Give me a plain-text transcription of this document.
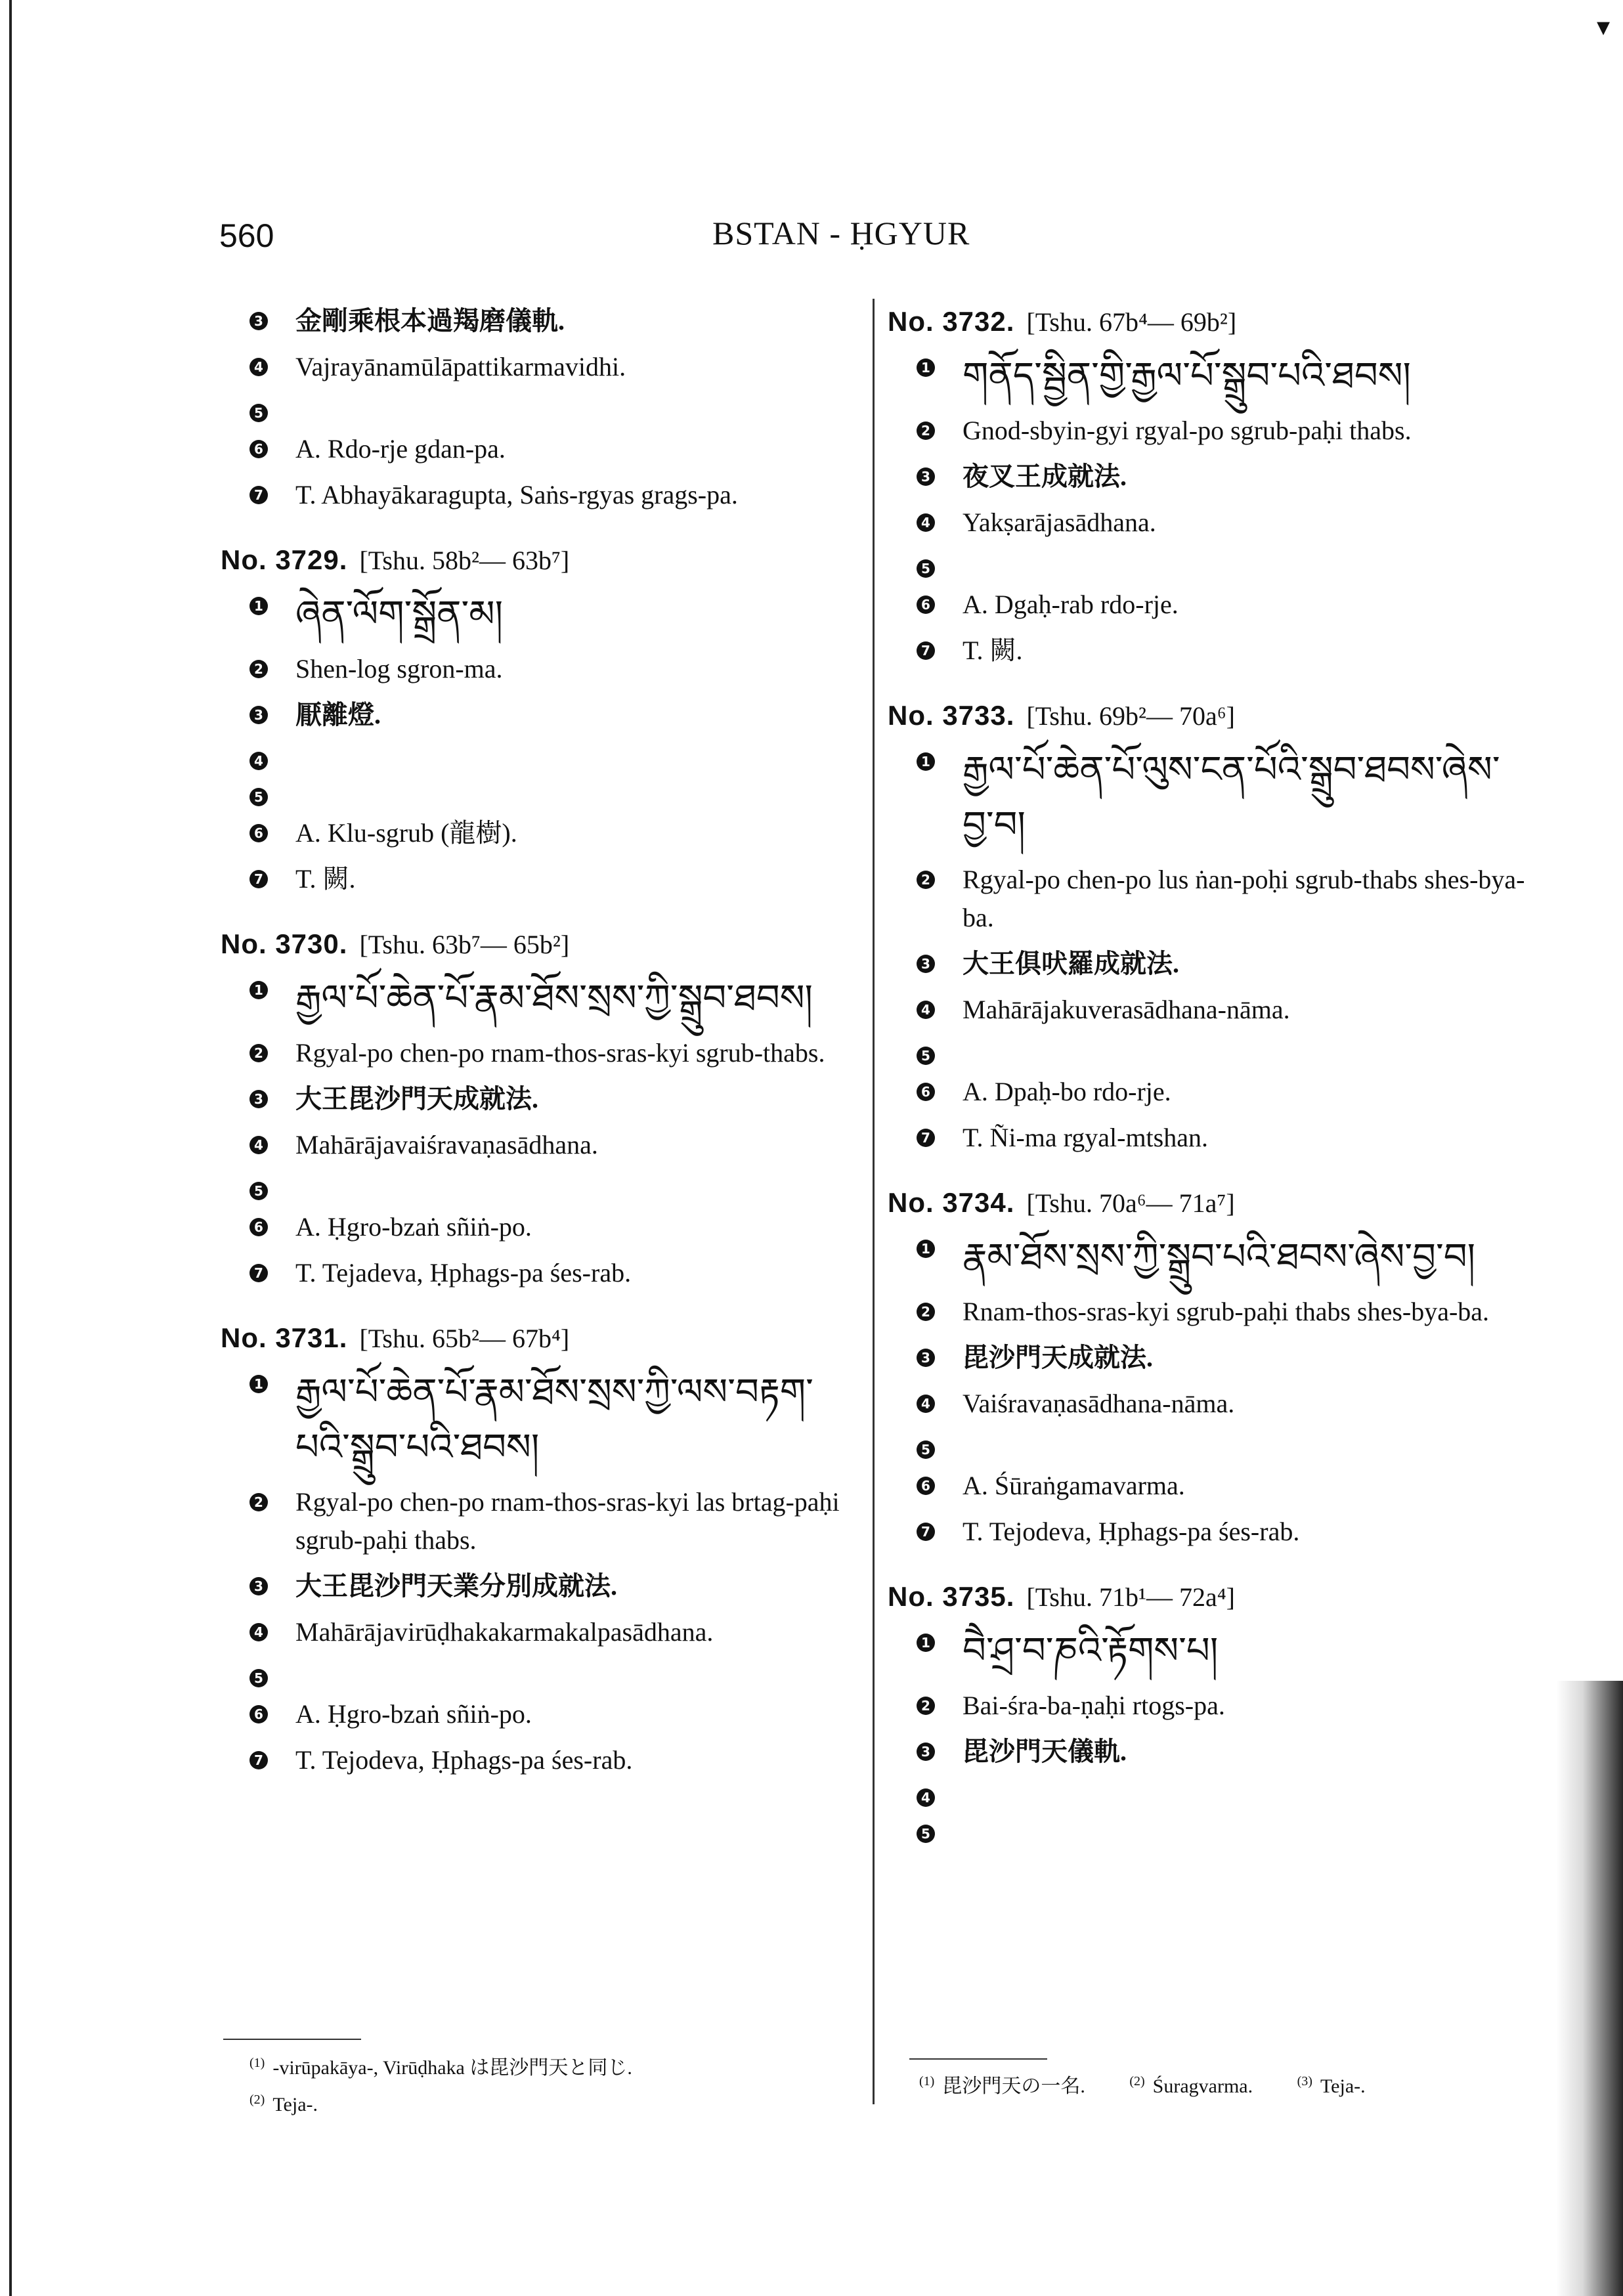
▾
560	BSTAN - ḤGYUR
3 金剛乘根本過羯磨儀軌.
4 Vajrayānamūlāpattikarmavidhi.
5
6 A. Rdo-rje gdan-pa.
7 T. Abhayākaragupta, Saṅs-rgyas grags-pa.
No. 3729. [Tshu. 58b²— 63b⁷]
1 ཞེན་ལོག་སྒྲོན་མ།
2 Shen-log sgron-ma.
3 厭離燈.
4
5
6 A. Klu-sgrub (龍樹).
7 T. 闕.
No. 3730. [Tshu. 63b⁷— 65b²]
1 རྒྱལ་པོ་ཆེན་པོ་རྣམ་ཐོས་སྲས་ཀྱི་སྒྲུབ་ཐབས།
2 Rgyal-po chen-po rnam-thos-sras-kyi sgrub-thabs.
3 大王毘沙門天成就法.
4 Mahārājavaiśravaṇasādhana.
5
6 A. Ḥgro-bzaṅ sñiṅ-po.
7 T. Tejadeva, Ḥphags-pa śes-rab.
No. 3731. [Tshu. 65b²— 67b⁴]
1 རྒྱལ་པོ་ཆེན་པོ་རྣམ་ཐོས་སྲས་ཀྱི་ལས་བརྟག་པའི་སྒྲུབ་པའི་ཐབས།
2 Rgyal-po chen-po rnam-thos-sras-kyi las brtag-paḥi sgrub-paḥi thabs.
3 大王毘沙門天業分別成就法.
4 Mahārājavirūḍhakakarmakalpasādhana.
5
6 A. Ḥgro-bzaṅ sñiṅ-po.
7 T. Tejodeva, Ḥphags-pa śes-rab.
No. 3732. [Tshu. 67b⁴— 69b²]
1 གནོད་སྦྱིན་གྱི་རྒྱལ་པོ་སྒྲུབ་པའི་ཐབས།
2 Gnod-sbyin-gyi rgyal-po sgrub-paḥi thabs.
3 夜叉王成就法.
4 Yakṣarājasādhana.
5
6 A. Dgaḥ-rab rdo-rje.
7 T. 闕.
No. 3733. [Tshu. 69b²— 70a⁶]
1 རྒྱལ་པོ་ཆེན་པོ་ལུས་ངན་པོའི་སྒྲུབ་ཐབས་ཞེས་བྱ་བ།
2 Rgyal-po chen-po lus ṅan-poḥi sgrub-thabs shes-bya-ba.
3 大王俱吠羅成就法.
4 Mahārājakuverasādhana-nāma.
5
6 A. Dpaḥ-bo rdo-rje.
7 T. Ñi-ma rgyal-mtshan.
No. 3734. [Tshu. 70a⁶— 71a⁷]
1 རྣམ་ཐོས་སྲས་ཀྱི་སྒྲུབ་པའི་ཐབས་ཞེས་བྱ་བ།
2 Rnam-thos-sras-kyi sgrub-paḥi thabs shes-bya-ba.
3 毘沙門天成就法.
4 Vaiśravaṇasādhana-nāma.
5
6 A. Śūraṅgamavarma.
7 T. Tejodeva, Ḥphags-pa śes-rab.
No. 3735. [Tshu. 71b¹— 72a⁴]
1 བཻ་ཤྲ་བ་ཎའི་རྟོགས་པ།
2 Bai-śra-ba-ṇaḥi rtogs-pa.
3 毘沙門天儀軌.
4
5
$^{(1)}$ -virūpakāya-, Virūḍhaka は毘沙門天と同じ.
$^{(2)}$ Teja-.
$^{(1)}$ 毘沙門天の一名.	$^{(2)}$ Śuragvarma.	$^{(3)}$ Teja-.
